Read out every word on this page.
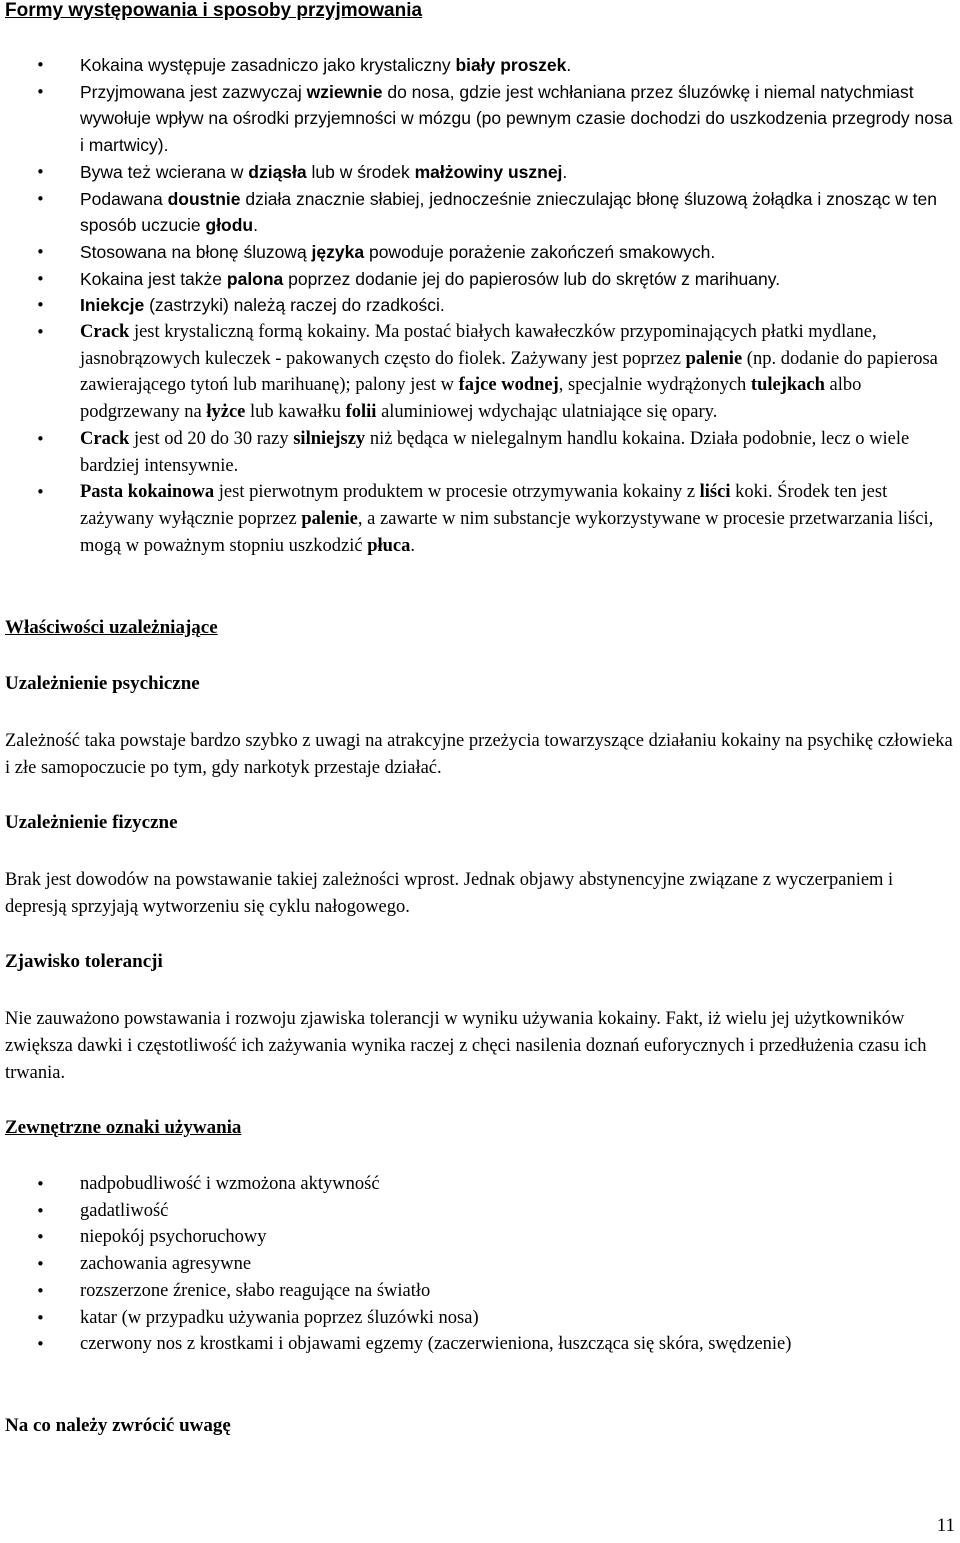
Formy występowania i sposoby przyjmowania
• Kokaina występuje zasadniczo jako krystaliczny biały proszek.
• Przyjmowana jest zazwyczaj wziewnie do nosa, gdzie jest wchłaniana przez śluzówkę i niemal natychmiast wywołuje wpływ na ośrodki przyjemności w mózgu (po pewnym czasie dochodzi do uszkodzenia przegrody nosa i martwicy).
• Bywa też wcierana w dziąsła lub w środek małżowiny usznej.
• Podawana doustnie działa znacznie słabiej, jednocześnie znieczulając błonę śluzową żołądka i znosząc w ten sposób uczucie głodu.
• Stosowana na błonę śluzową języka powoduje porażenie zakończeń smakowych.
• Kokaina jest także palona poprzez dodanie jej do papierosów lub do skrętów z marihuany.
• Iniekcje (zastrzyki) należą raczej do rzadkości.
• Crack jest krystaliczną formą kokainy. Ma postać białych kawałeczków przypominających płatki mydlane, jasnobrązowych kuleczek - pakowanych często do fiolek. Zażywany jest poprzez palenie (np. dodanie do papierosa zawierającego tytoń lub marihuanę); palony jest w fajce wodnej, specjalnie wydrążonych tulejkach albo podgrzewany na łyżce lub kawałku folii aluminiowej wdychając ulatniające się opary.
• Crack jest od 20 do 30 razy silniejszy niż będąca w nielegalnym handlu kokaina. Działa podobnie, lecz o wiele bardziej intensywnie.
• Pasta kokainowa jest pierwotnym produktem w procesie otrzymywania kokainy z liści koki. Środek ten jest zażywany wyłącznie poprzez palenie, a zawarte w nim substancje wykorzystywane w procesie przetwarzania liści, mogą w poważnym stopniu uszkodzić płuca.
Właściwości uzależniające
Uzależnienie psychiczne

Zależność taka powstaje bardzo szybko z uwagi na atrakcyjne przeżycia towarzyszące działaniu kokainy na psychikę człowieka i złe samopoczucie po tym, gdy narkotyk przestaje działać.

Uzależnienie fizyczne

Brak jest dowodów na powstawanie takiej zależności wprost. Jednak objawy abstynencyjne związane z wyczerpaniem i depresją sprzyjają wytworzeniu się cyklu nałogowego.

Zjawisko tolerancji

Nie zauważono powstawania i rozwoju zjawiska tolerancji w wyniku używania kokainy. Fakt, iż wielu jej użytkowników zwiększa dawki i częstotliwość ich zażywania wynika raczej z chęci nasilenia doznań euforycznych i przedłużenia czasu ich trwania.

Zewnętrzne oznaki używania
• nadpobudliwość i wzmożona aktywność
• gadatliwość
• niepokój psychoruchowy
• zachowania agresywne
• rozszerzone źrenice, słabo reagujące na światło
• katar (w przypadku używania poprzez śluzówki nosa)
• czerwony nos z krostkami i objawami egzemy (zaczerwieniona, łuszcząca się skóra, swędzenie)
Na co należy zwrócić uwagę
11
